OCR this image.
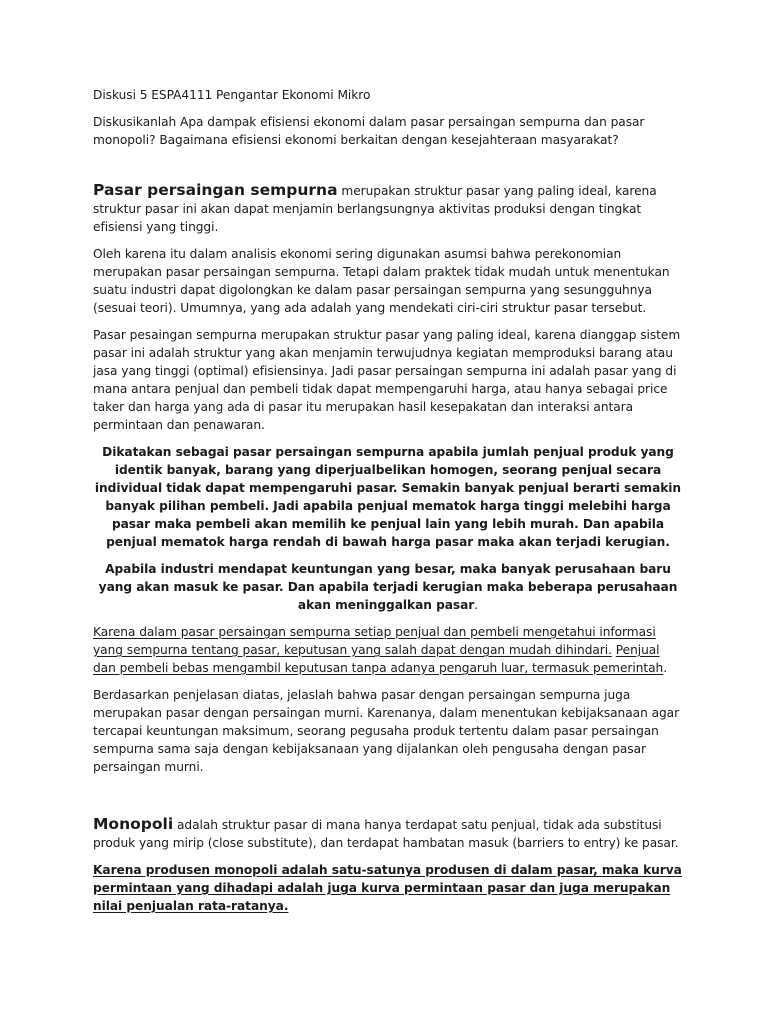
Diskusi 5 ESPA4111 Pengantar Ekonomi Mikro

Diskusikanlah Apa dampak efisiensi ekonomi dalam pasar persaingan sempurna dan pasar monopoli? Bagaimana efisiensi ekonomi berkaitan dengan kesejahteraan masyarakat?

Pasar persaingan sempurna merupakan struktur pasar yang paling ideal, karena struktur pasar ini akan dapat menjamin berlangsungnya aktivitas produksi dengan tingkat efisiensi yang tinggi.

Oleh karena itu dalam analisis ekonomi sering digunakan asumsi bahwa perekonomian merupakan pasar persaingan sempurna. Tetapi dalam praktek tidak mudah untuk menentukan suatu industri dapat digolongkan ke dalam pasar persaingan sempurna yang sesungguhnya (sesuai teori). Umumnya, yang ada adalah yang mendekati ciri-ciri struktur pasar tersebut.

Pasar pesaingan sempurna merupakan struktur pasar yang paling ideal, karena dianggap sistem pasar ini adalah struktur yang akan menjamin terwujudnya kegiatan memproduksi barang atau jasa yang tinggi (optimal) efisiensinya. Jadi pasar persaingan sempurna ini adalah pasar yang di mana antara penjual dan pembeli tidak dapat mempengaruhi harga, atau hanya sebagai price taker dan harga yang ada di pasar itu merupakan hasil kesepakatan dan interaksi antara permintaan dan penawaran.

Dikatakan sebagai pasar persaingan sempurna apabila jumlah penjual produk yang identik banyak, barang yang diperjualbelikan homogen, seorang penjual secara individual tidak dapat mempengaruhi pasar. Semakin banyak penjual berarti semakin banyak pilihan pembeli. Jadi apabila penjual mematok harga tinggi melebihi harga pasar maka pembeli akan memilih ke penjual lain yang lebih murah. Dan apabila penjual mematok harga rendah di bawah harga pasar maka akan terjadi kerugian.

Apabila industri mendapat keuntungan yang besar, maka banyak perusahaan baru yang akan masuk ke pasar. Dan apabila terjadi kerugian maka beberapa perusahaan akan meninggalkan pasar.

Karena dalam pasar persaingan sempurna setiap penjual dan pembeli mengetahui informasi yang sempurna tentang pasar, keputusan yang salah dapat dengan mudah dihindari. Penjual dan pembeli bebas mengambil keputusan tanpa adanya pengaruh luar, termasuk pemerintah.

Berdasarkan penjelasan diatas, jelaslah bahwa pasar dengan persaingan sempurna juga merupakan pasar dengan persaingan murni. Karenanya, dalam menentukan kebijaksanaan agar tercapai keuntungan maksimum, seorang pegusaha produk tertentu dalam pasar persaingan sempurna sama saja dengan kebijaksanaan yang dijalankan oleh pengusaha dengan pasar persaingan murni.

Monopoli adalah struktur pasar di mana hanya terdapat satu penjual, tidak ada substitusi produk yang mirip (close substitute), dan terdapat hambatan masuk (barriers to entry) ke pasar.

Karena produsen monopoli adalah satu-satunya produsen di dalam pasar, maka kurva permintaan yang dihadapi adalah juga kurva permintaan pasar dan juga merupakan nilai penjualan rata-ratanya.
